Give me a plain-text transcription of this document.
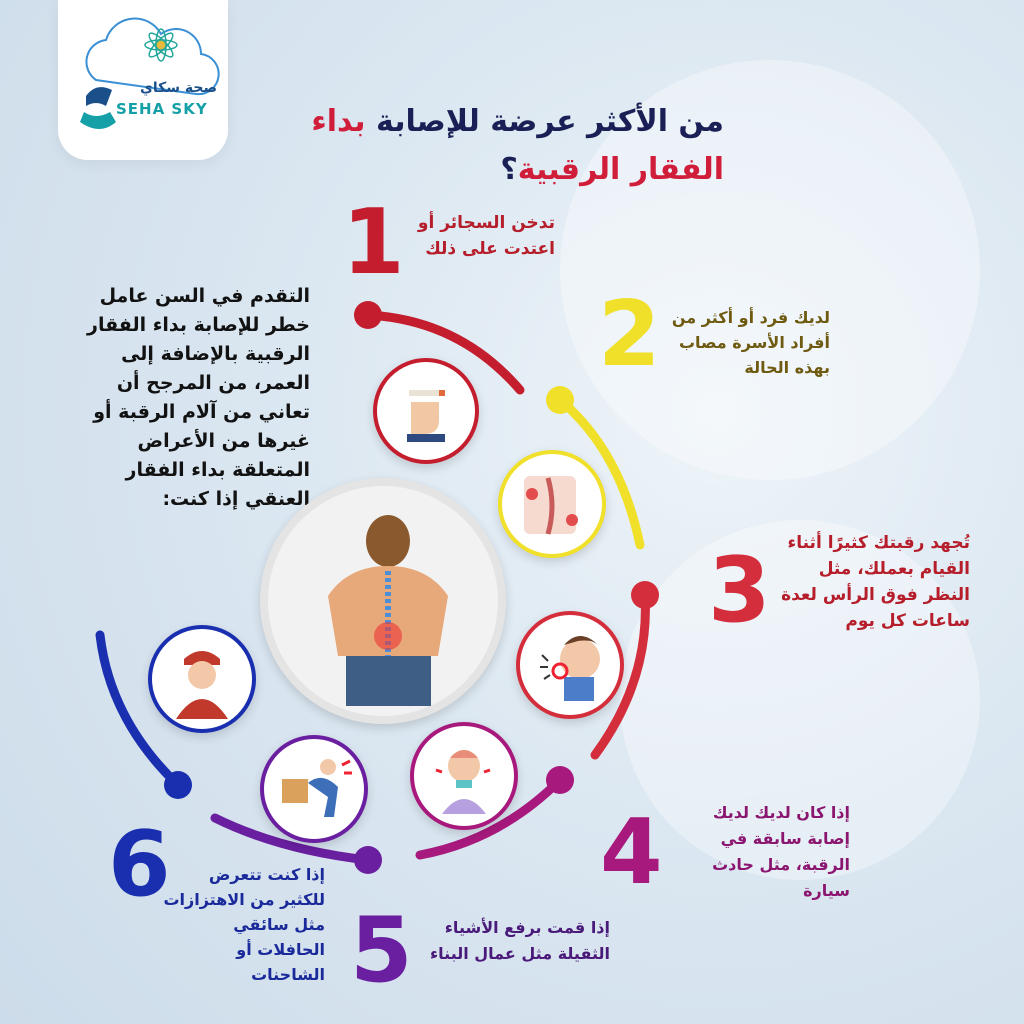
صحة سكاي
SEHA SKY	من الأكثر عرضة للإصابة بداء
الفقار الرقبية؟
التقدم في السن عامل خطر للإصابة بداء الفقار الرقبية بالإضافة إلى العمر، من المرجح أن تعاني من آلام الرقبة أو غيرها من الأعراض المتعلقة بداء الفقار العنقي إذا كنت:
1 تدخن السجائر أو اعتدت على ذلك
2 لديك فرد أو أكثر من أفراد الأسرة مصاب بهذه الحالة
3 تُجهد رقبتك كثيرًا أثناء القيام بعملك، مثل النظر فوق الرأس لعدة ساعات كل يوم
4	إذا كان لديك لديك إصابة سابقة في الرقبة، مثل حادث سيارة
5	إذا قمت برفع الأشياء الثقيلة مثل عمال البناء
6	إذا كنت تتعرض للكثير من الاهتزازات مثل سائقي الحافلات أو الشاحنات
